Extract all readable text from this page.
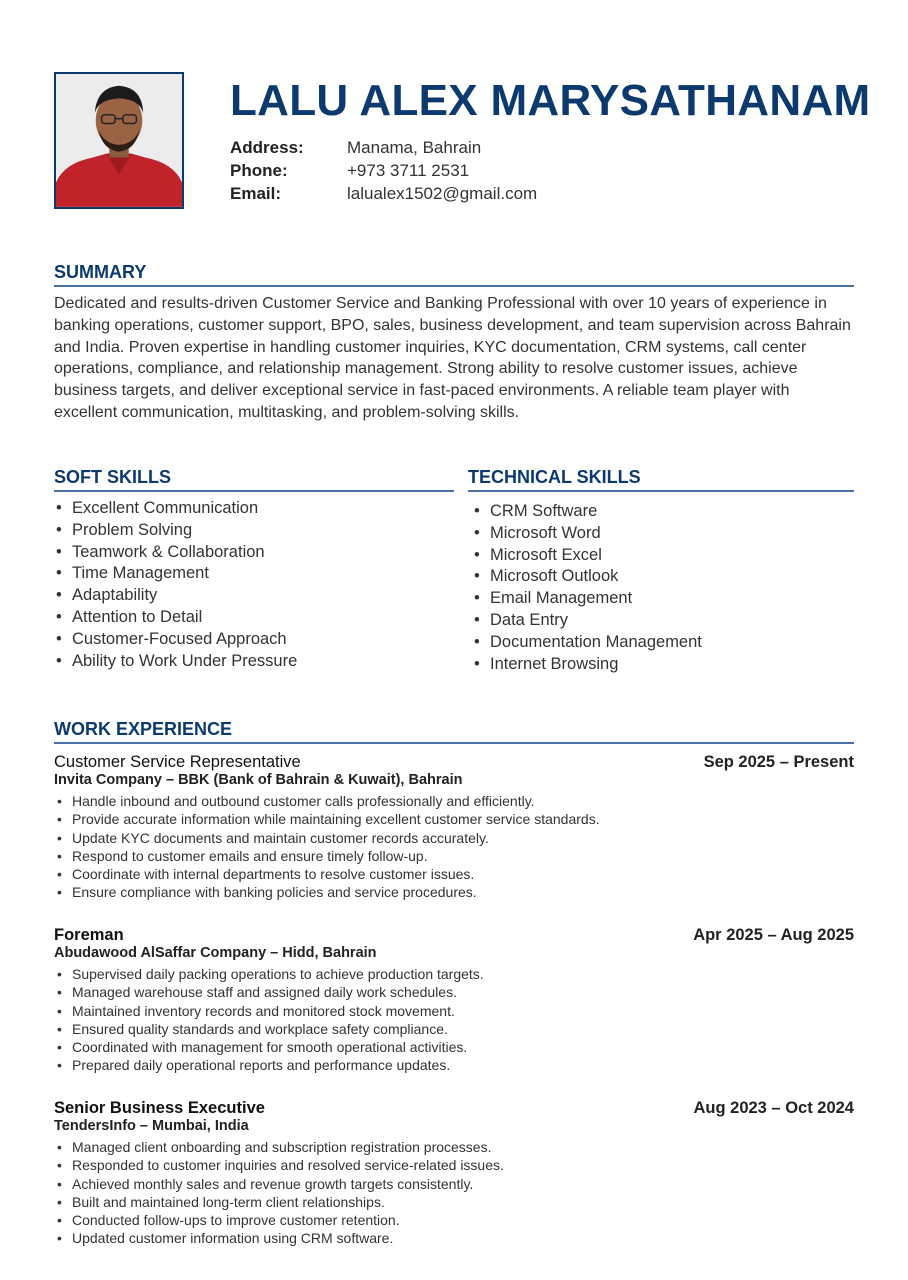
LALU ALEX MARYSATHANAM
Address:	Manama, Bahrain
Phone:	+973 3711 2531
Email:	lalualex1502@gmail.com
SUMMARY

Dedicated and results-driven Customer Service and Banking Professional with over 10 years of experience in banking operations, customer support, BPO, sales, business development, and team supervision across Bahrain and India. Proven expertise in handling customer inquiries, KYC documentation, CRM systems, call center operations, compliance, and relationship management. Strong ability to resolve customer issues, achieve business targets, and deliver exceptional service in fast-paced environments. A reliable team player with excellent communication, multitasking, and problem-solving skills.

SOFT SKILLS
• Excellent Communication
• Problem Solving
• Teamwork & Collaboration
• Time Management
• Adaptability
• Attention to Detail
• Customer-Focused Approach
• Ability to Work Under Pressure
TECHNICAL SKILLS
• CRM Software
• Microsoft Word
• Microsoft Excel
• Microsoft Outlook
• Email Management
• Data Entry
• Documentation Management
• Internet Browsing
WORK EXPERIENCE
Customer Service Representative	Sep 2025 – Present
Invita Company – BBK (Bank of Bahrain & Kuwait), Bahrain
• Handle inbound and outbound customer calls professionally and efficiently.
• Provide accurate information while maintaining excellent customer service standards.
• Update KYC documents and maintain customer records accurately.
• Respond to customer emails and ensure timely follow-up.
• Coordinate with internal departments to resolve customer issues.
• Ensure compliance with banking policies and service procedures.
Foreman	Apr 2025 – Aug 2025
Abudawood AlSaffar Company – Hidd, Bahrain
• Supervised daily packing operations to achieve production targets.
• Managed warehouse staff and assigned daily work schedules.
• Maintained inventory records and monitored stock movement.
• Ensured quality standards and workplace safety compliance.
• Coordinated with management for smooth operational activities.
• Prepared daily operational reports and performance updates.
Senior Business Executive	Aug 2023 – Oct 2024
TendersInfo – Mumbai, India
• Managed client onboarding and subscription registration processes.
• Responded to customer inquiries and resolved service-related issues.
• Achieved monthly sales and revenue growth targets consistently.
• Built and maintained long-term client relationships.
• Conducted follow-ups to improve customer retention.
• Updated customer information using CRM software.
